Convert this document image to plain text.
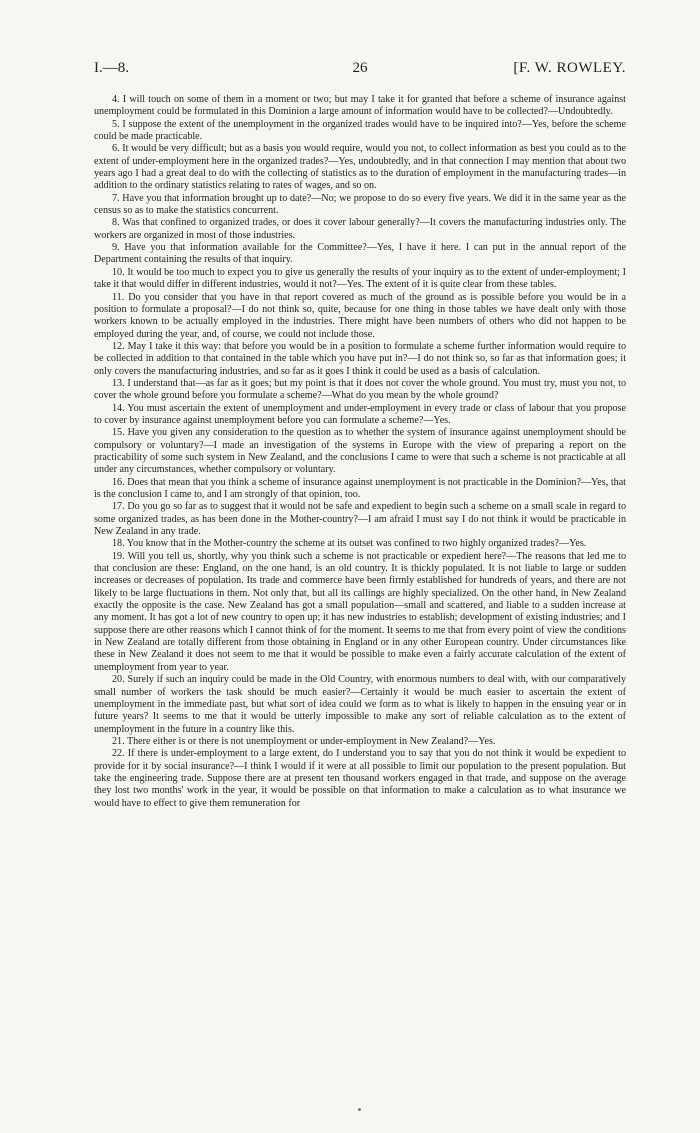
I.—8.	26	[F. W. ROWLEY.

4. I will touch on some of them in a moment or two; but may I take it for granted that before a scheme of insurance against unemployment could be formulated in this Dominion a large amount of information would have to be collected?—Undoubtedly.

5. I suppose the extent of the unemployment in the organized trades would have to be inquired into?—Yes, before the scheme could be made practicable.

6. It would be very difficult; but as a basis you would require, would you not, to collect information as best you could as to the extent of under-employment here in the organized trades?—Yes, undoubtedly, and in that connection I may mention that about two years ago I had a great deal to do with the collecting of statistics as to the duration of employment in the manufacturing trades—in addition to the ordinary statistics relating to rates of wages, and so on.

7. Have you that information brought up to date?—No; we propose to do so every five years. We did it in the same year as the census so as to make the statistics concurrent.

8. Was that confined to organized trades, or does it cover labour generally?—It covers the manufacturing industries only. The workers are organized in most of those industries.

9. Have you that information available for the Committee?—Yes, I have it here. I can put in the annual report of the Department containing the results of that inquiry.

10. It would be too much to expect you to give us generally the results of your inquiry as to the extent of under-employment; I take it that would differ in different industries, would it not?—Yes. The extent of it is quite clear from these tables.

11. Do you consider that you have in that report covered as much of the ground as is possible before you would be in a position to formulate a proposal?—I do not think so, quite, because for one thing in those tables we have dealt only with those workers known to be actually employed in the industries. There might have been numbers of others who did not happen to be employed during the year, and, of course, we could not include those.

12. May I take it this way: that before you would be in a position to formulate a scheme further information would require to be collected in addition to that contained in the table which you have put in?—I do not think so, so far as that information goes; it only covers the manufacturing industries, and so far as it goes I think it could be used as a basis of calculation.

13. I understand that—as far as it goes; but my point is that it does not cover the whole ground. You must try, must you not, to cover the whole ground before you formulate a scheme?—What do you mean by the whole ground?

14. You must ascertain the extent of unemployment and under-employment in every trade or class of labour that you propose to cover by insurance against unemployment before you can formulate a scheme?—Yes.

15. Have you given any consideration to the question as to whether the system of insurance against unemployment should be compulsory or voluntary?—I made an investigation of the systems in Europe with the view of preparing a report on the practicability of some such system in New Zealand, and the conclusions I came to were that such a scheme is not practicable at all under any circumstances, whether compulsory or voluntary.

16. Does that mean that you think a scheme of insurance against unemployment is not practicable in the Dominion?—Yes, that is the conclusion I came to, and I am strongly of that opinion, too.

17. Do you go so far as to suggest that it would not be safe and expedient to begin such a scheme on a small scale in regard to some organized trades, as has been done in the Mother-country?—I am afraid I must say I do not think it would be practicable in New Zealand in any trade.

18. You know that in the Mother-country the scheme at its outset was confined to two highly organized trades?—Yes.

19. Will you tell us, shortly, why you think such a scheme is not practicable or expedient here?—The reasons that led me to that conclusion are these: England, on the one hand, is an old country. It is thickly populated. It is not liable to large or sudden increases or decreases of population. Its trade and commerce have been firmly established for hundreds of years, and there are not likely to be large fluctuations in them. Not only that, but all its callings are highly specialized. On the other hand, in New Zealand exactly the opposite is the case. New Zealand has got a small population—small and scattered, and liable to a sudden increase at any moment. It has got a lot of new country to open up; it has new industries to establish; development of existing industries; and I suppose there are other reasons which I cannot think of for the moment. It seems to me that from every point of view the conditions in New Zealand are totally different from those obtaining in England or in any other European country. Under circumstances like these in New Zealand it does not seem to me that it would be possible to make even a fairly accurate calculation of the extent of unemployment from year to year.

20. Surely if such an inquiry could be made in the Old Country, with enormous numbers to deal with, with our comparatively small number of workers the task should be much easier?—Certainly it would be much easier to ascertain the extent of unemployment in the immediate past, but what sort of idea could we form as to what is likely to happen in the ensuing year or in future years? It seems to me that it would be utterly impossible to make any sort of reliable calculation as to the extent of unemployment in the future in a country like this.

21. There either is or there is not unemployment or under-employment in New Zealand?—Yes.

22. If there is under-employment to a large extent, do I understand you to say that you do not think it would be expedient to provide for it by social insurance?—I think I would if it were at all possible to limit our population to the present population. But take the engineering trade. Suppose there are at present ten thousand workers engaged in that trade, and suppose on the average they lost two months' work in the year, it would be possible on that information to make a calculation as to what insurance we would have to effect to give them remuneration for
